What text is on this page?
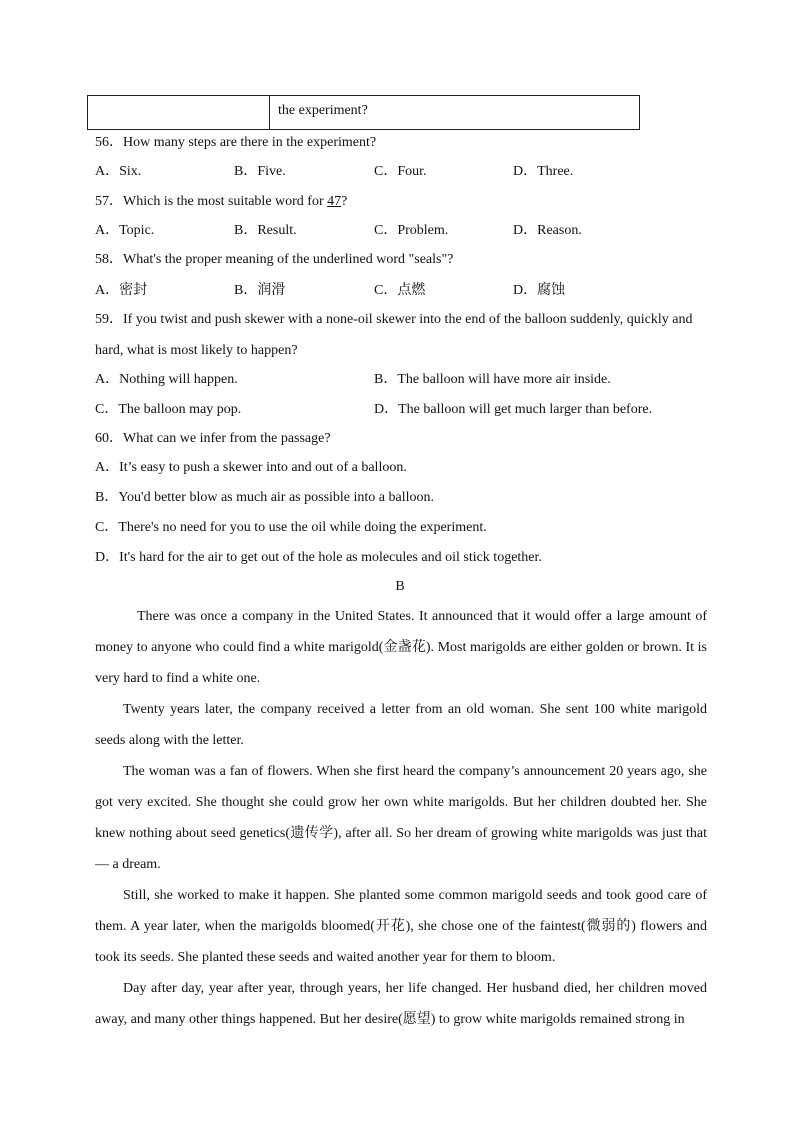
the experiment?
56．How many steps are there in the experiment?
A．Six.	B．Five.	C．Four.	D．Three.
57．Which is the most suitable word for 47?
A．Topic.	B．Result.	C．Problem.	D．Reason.
58．What's the proper meaning of the underlined word "seals"?
A．密封	B．润滑	C．点燃	D．腐蚀
59．If you twist and push skewer with a none-oil skewer into the end of the balloon suddenly, quickly and
hard, what is most likely to happen?
A．Nothing will happen.	B．The balloon will have more air inside.
C．The balloon may pop.	D．The balloon will get much larger than before.
60．What can we infer from the passage?
A．It’s easy to push a skewer into and out of a balloon.
B．You'd better blow as much air as possible into a balloon.
C．There's no need for you to use the oil while doing the experiment.
D．It's hard for the air to get out of the hole as molecules and oil stick together.
B

There was once a company in the United States. It announced that it would offer a large amount of money to anyone who could find a white marigold(金盏花). Most marigolds are either golden or brown. It is very hard to find a white one.

Twenty years later, the company received a letter from an old woman. She sent 100 white marigold seeds along with the letter.

The woman was a fan of flowers. When she first heard the company’s announcement 20 years ago, she got very excited. She thought she could grow her own white marigolds. But her children doubted her. She knew nothing about seed genetics(遗传学), after all. So her dream of growing white marigolds was just that — a dream.

Still, she worked to make it happen. She planted some common marigold seeds and took good care of them. A year later, when the marigolds bloomed(开花), she chose one of the faintest(微弱的) flowers and took its seeds. She planted these seeds and waited another year for them to bloom.

Day after day, year after year, through years, her life changed. Her husband died, her children moved away, and many other things happened. But her desire(愿望) to grow white marigolds remained strong in
